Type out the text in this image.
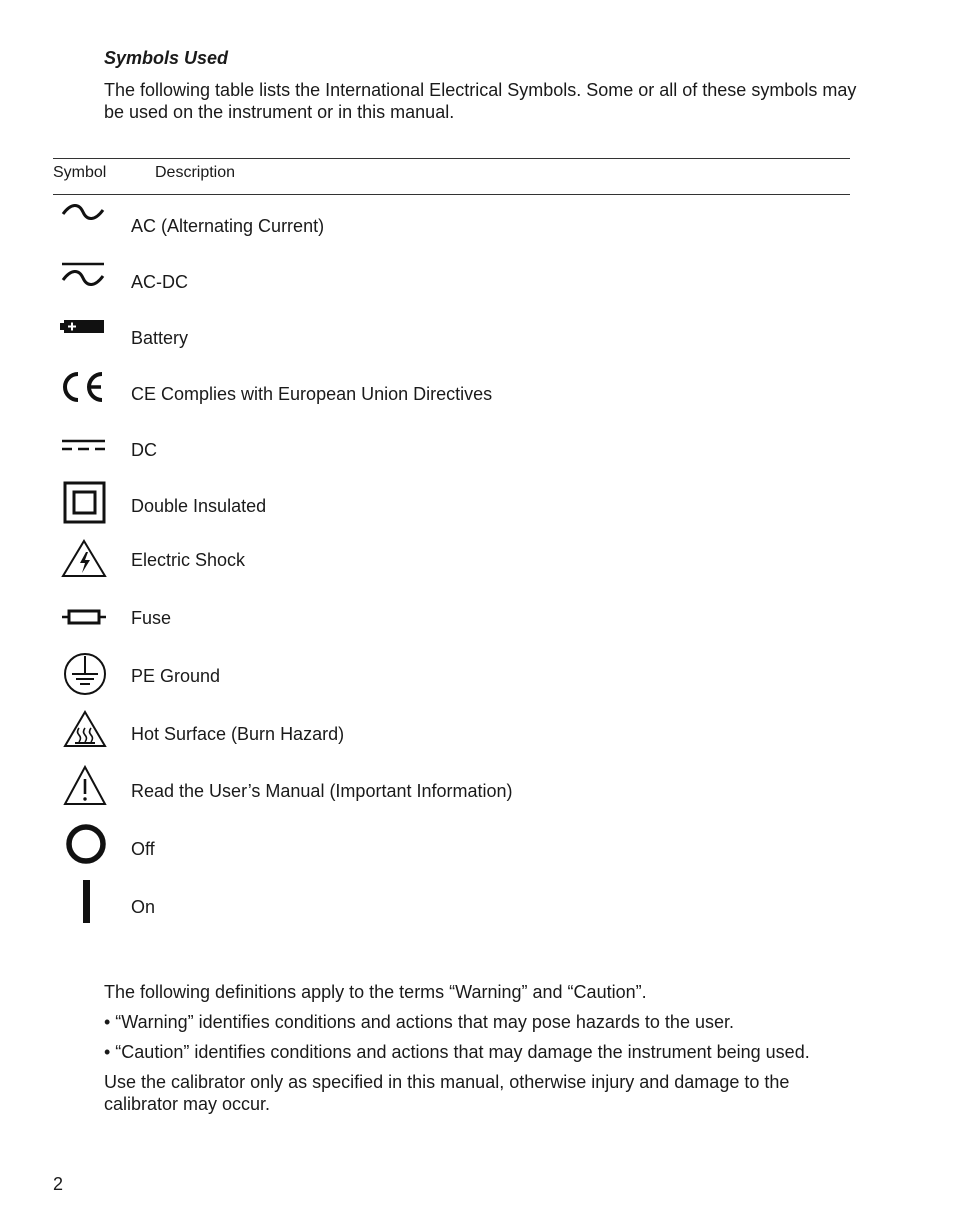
Symbols Used
The following table lists the International Electrical Symbols. Some or all of these symbols may be used on the instrument or in this manual.
Symbol	Description
AC (Alternating Current)
AC-DC
Battery
CE Complies with European Union Directives
DC
Double Insulated
Electric Shock
Fuse
PE Ground
Hot Surface (Burn Hazard)
Read the User’s Manual (Important Information)
Off
On

The following definitions apply to the terms “Warning” and “Caution”.

• “Warning” identifies conditions and actions that may pose hazards to the user.

• “Caution” identifies conditions and actions that may damage the instrument being used.

Use the calibrator only as specified in this manual, otherwise injury and damage to the calibrator may occur.

2
